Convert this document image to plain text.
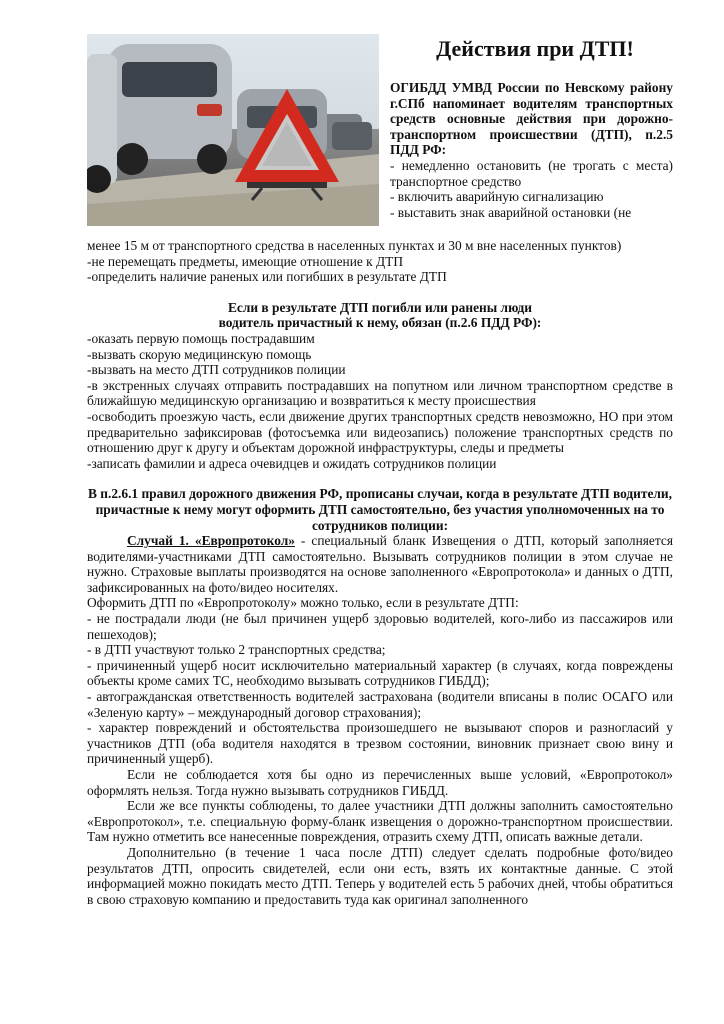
Действия при ДТП!
ОГИБДД УМВД России по Невскому району г.СПб напоминает водителям транспортных средств основные действия при дорожно-транспортном происшествии (ДТП), п.2.5 ПДД РФ:
- немедленно остановить (не трогать с места) транспортное средство
- включить аварийную сигнализацию
- выставить знак аварийной остановки (не

менее 15 м от транспортного средства в населенных пунктах и 30 м вне населенных пунктов)

-не перемещать предметы, имеющие отношение к ДТП

-определить наличие раненых или погибших в результате ДТП

Если в результате ДТП погибли или ранены люди

водитель причастный к нему, обязан (п.2.6 ПДД РФ):

-оказать первую помощь пострадавшим

-вызвать скорую медицинскую помощь

-вызвать на место ДТП сотрудников полиции

-в экстренных случаях отправить пострадавших на попутном или личном транспортном средстве в ближайшую медицинскую организацию и возвратиться к месту происшествия

-освободить проезжую часть, если движение других транспортных средств невозможно, НО при этом предварительно зафиксировав (фотосъемка или видеозапись) положение транспортных средств по отношению друг к другу и объектам дорожной инфраструктуры, следы и предметы

-записать фамилии и адреса очевидцев и ожидать сотрудников полиции

В п.2.6.1 правил дорожного движения РФ, прописаны случаи, когда в результате ДТП водители, причастные к нему могут оформить ДТП самостоятельно, без участия уполномоченных на то сотрудников полиции:

Случай 1. «Европротокол» - специальный бланк Извещения о ДТП, который заполняется водителями-участниками ДТП самостоятельно. Вызывать сотрудников полиции в этом случае не нужно. Страховые выплаты производятся на основе заполненного «Европротокола» и данных о ДТП, зафиксированных на фото/видео носителях.

Оформить ДТП по «Европротоколу» можно только, если в результате ДТП:

- не пострадали люди (не был причинен ущерб здоровью водителей, кого-либо из пассажиров или пешеходов);

- в ДТП участвуют только 2 транспортных средства;

- причиненный ущерб носит исключительно материальный характер (в случаях, когда повреждены объекты кроме самих ТС, необходимо вызывать сотрудников ГИБДД);

- автогражданская ответственность водителей застрахована (водители вписаны в полис ОСАГО или «Зеленую карту» – международный договор страхования);

- характер повреждений и обстоятельства произошедшего не вызывают споров и разногласий у участников ДТП (оба водителя находятся в трезвом состоянии, виновник признает свою вину и причиненный ущерб).

Если не соблюдается хотя бы одно из перечисленных выше условий, «Европротокол» оформлять нельзя. Тогда нужно вызывать сотрудников ГИБДД.

Если же все пункты соблюдены, то далее участники ДТП должны заполнить самостоятельно «Европротокол», т.е. специальную форму-бланк извещения о дорожно-транспортном происшествии. Там нужно отметить все нанесенные повреждения, отразить схему ДТП, описать важные детали.

Дополнительно (в течение 1 часа после ДТП) следует сделать подробные фото/видео результатов ДТП, опросить свидетелей, если они есть, взять их контактные данные. С этой информацией можно покидать место ДТП. Теперь у водителей есть 5 рабочих дней, чтобы обратиться в свою страховую компанию и предоставить туда как оригинал заполненного
